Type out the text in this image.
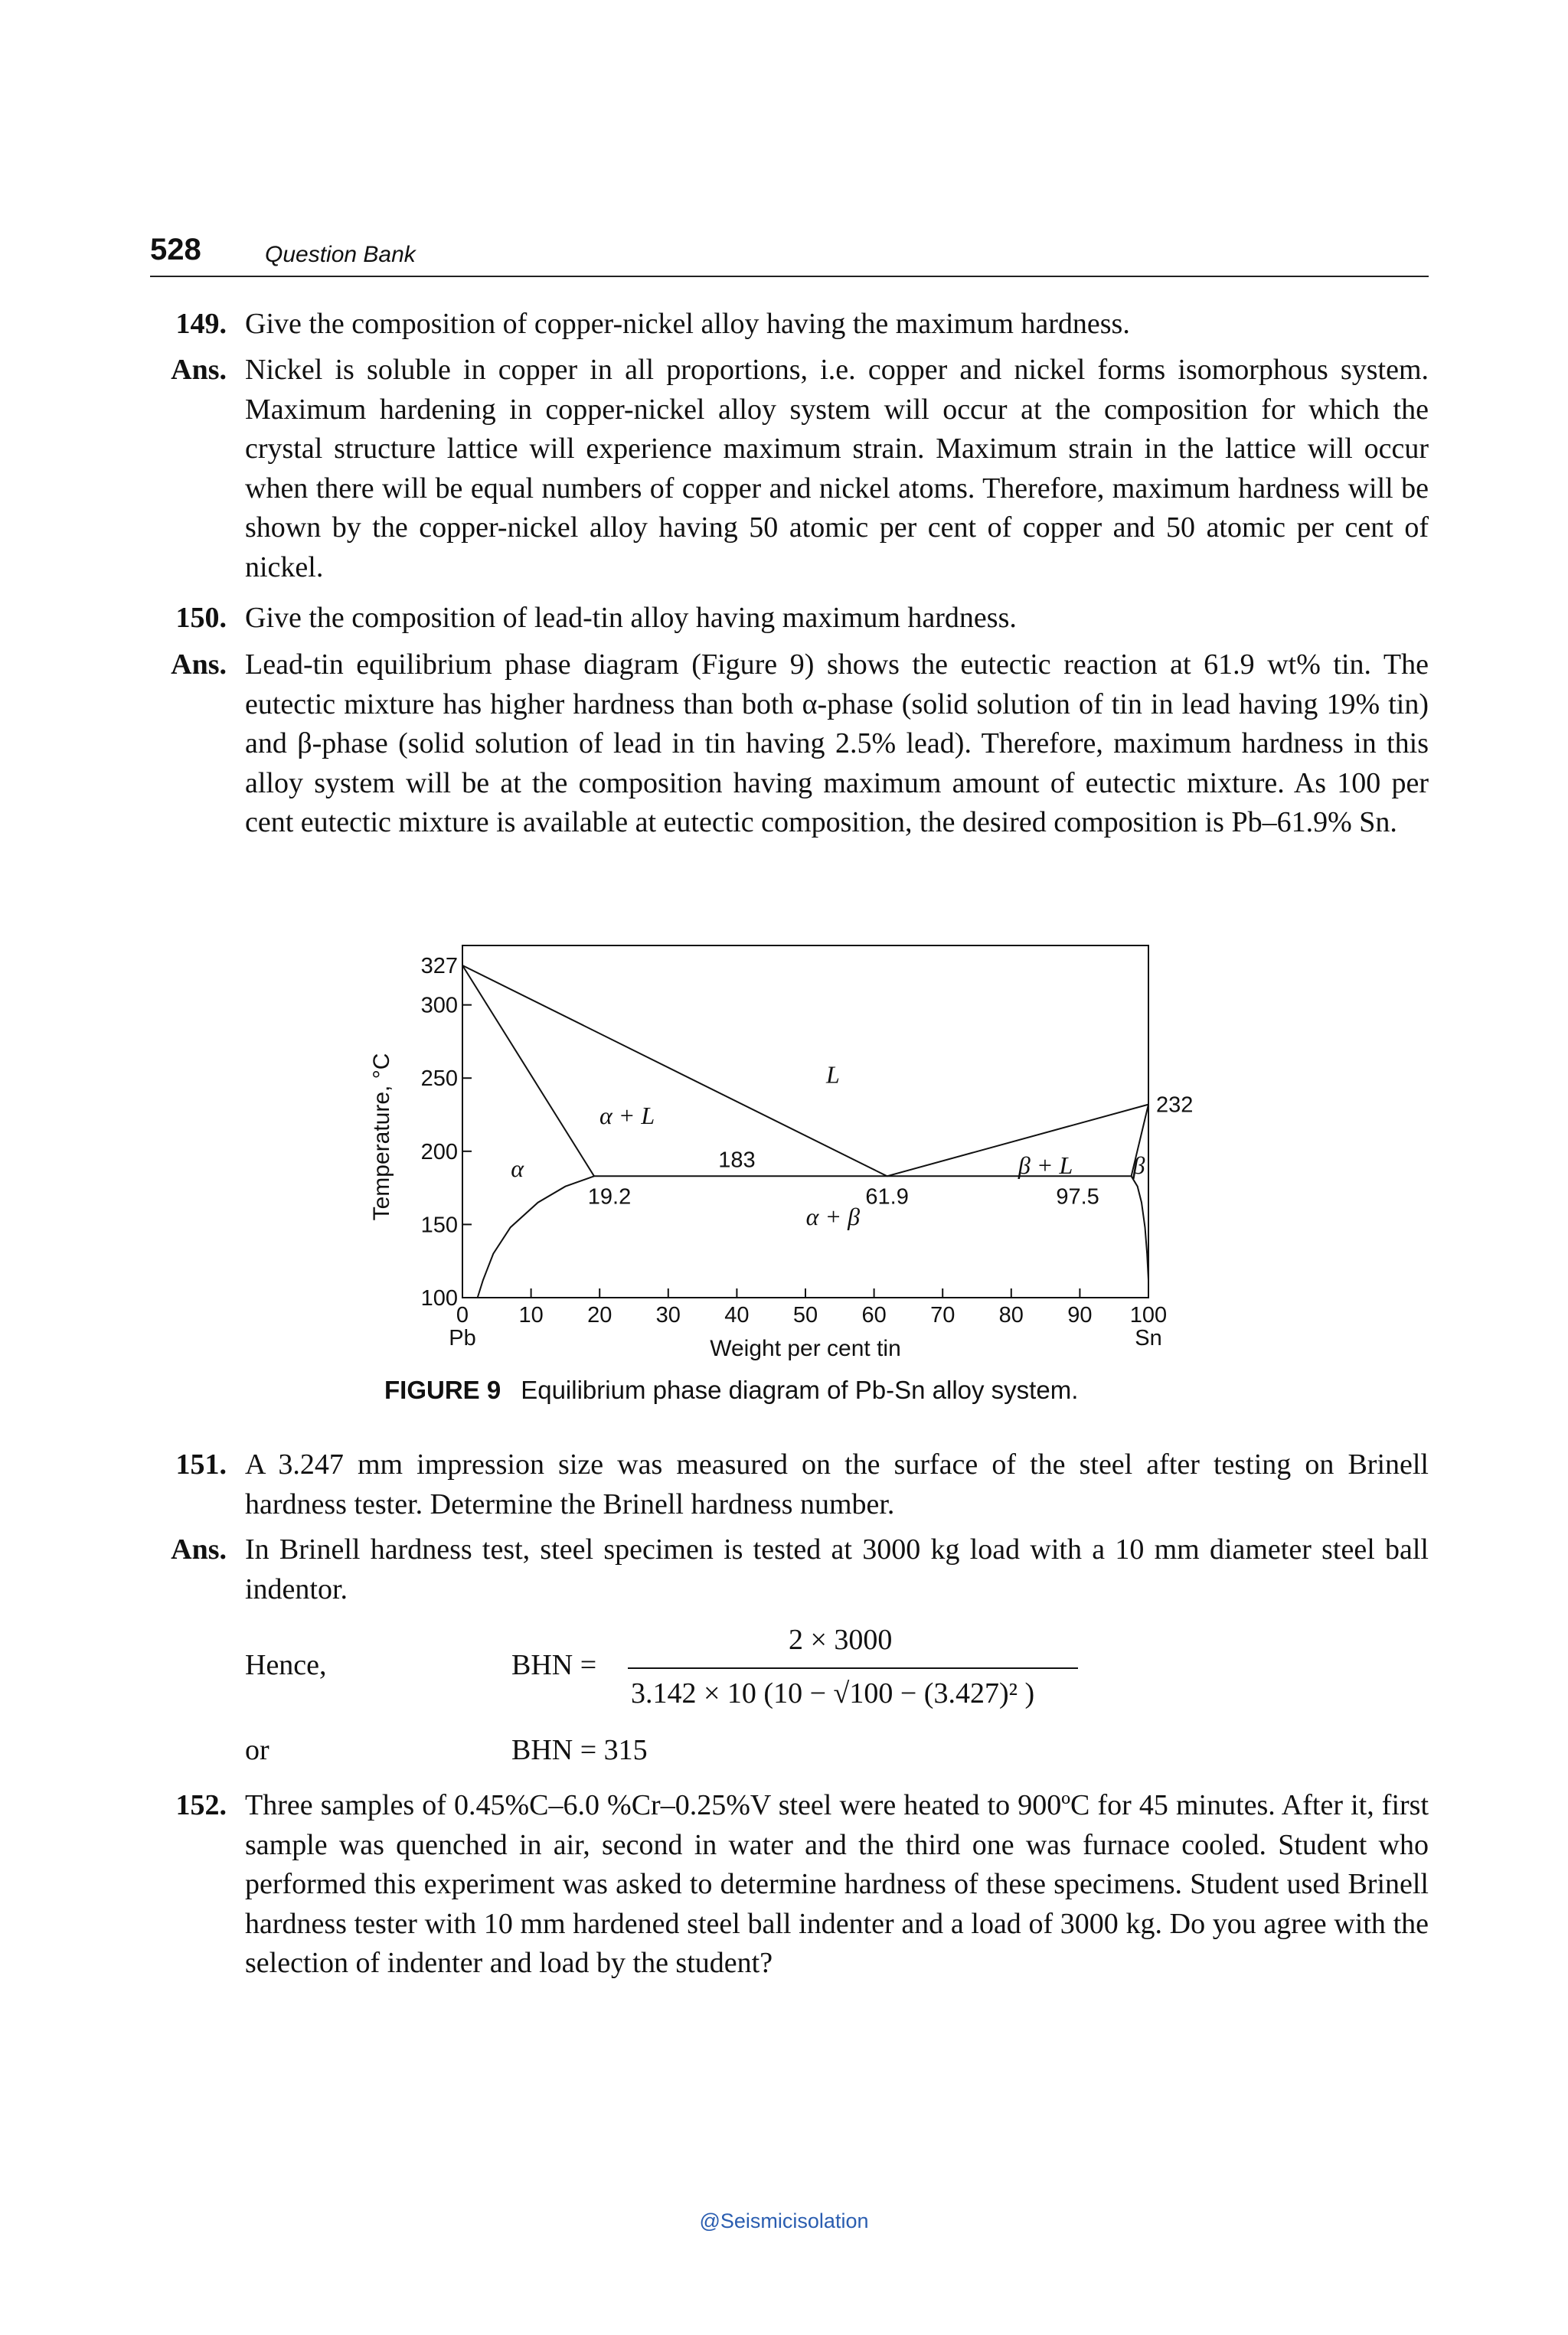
528	Question Bank
149. Give the composition of copper-nickel alloy having the maximum hardness.
Ans. Nickel is soluble in copper in all proportions, i.e. copper and nickel forms isomorphous system. Maximum hardening in copper-nickel alloy system will occur at the composition for which the crystal structure lattice will experience maximum strain. Maximum strain in the lattice will occur when there will be equal numbers of copper and nickel atoms. Therefore, maximum hardness will be shown by the copper-nickel alloy having 50 atomic per cent of copper and 50 atomic per cent of nickel.
150. Give the composition of lead-tin alloy having maximum hardness.
Ans. Lead-tin equilibrium phase diagram (Figure 9) shows the eutectic reaction at 61.9 wt% tin. The eutectic mixture has higher hardness than both α-phase (solid solution of tin in lead having 19% tin) and β-phase (solid solution of lead in tin having 2.5% lead). Therefore, maximum hardness in this alloy system will be at the composition having maximum amount of eutectic mixture. As 100 per cent eutectic mixture is available at eutectic composition, the desired composition is Pb–61.9% Sn.
0 10 20 30 40 50 60 70 80 90 100
100
150
200
250
300
327
Pb	Sn
Weight per cent tin
Temperature, °C	19.2
183
61.9	97.5
232
L
α + L
α	β + L β
α + β
FIGURE 9 Equilibrium phase diagram of Pb-Sn alloy system.
151. A 3.247 mm impression size was measured on the surface of the steel after testing on Brinell hardness tester. Determine the Brinell hardness number.
Ans. In Brinell hardness test, steel specimen is tested at 3000 kg load with a 10 mm diameter steel ball indentor.
Hence,	BHN =
2 × 3000
3.142 × 10 (10 − √100 − (3.427)² )
or	BHN = 315
152. Three samples of 0.45%C–6.0 %Cr–0.25%V steel were heated to 900ºC for 45 minutes. After it, first sample was quenched in air, second in water and the third one was furnace cooled. Student who performed this experiment was asked to determine hardness of these specimens. Student used Brinell hardness tester with 10 mm hardened steel ball indenter and a load of 3000 kg. Do you agree with the selection of indenter and load by the student?
@Seismicisolation
